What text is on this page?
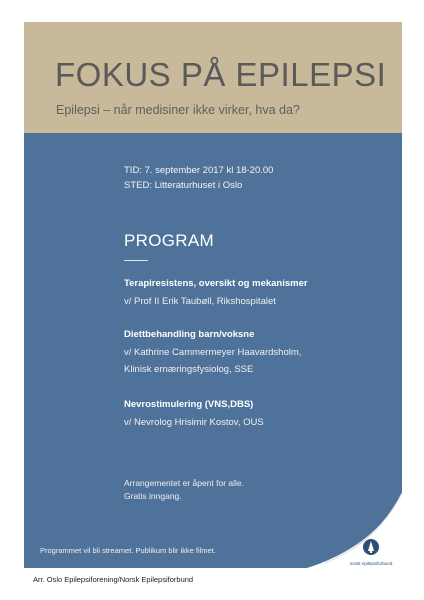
FOKUS PÅ EPILEPSI
Epilepsi – når medisiner ikke virker, hva da?
TID: 7. september 2017 kl 18-20.00
STED: Litteraturhuset i Oslo
PROGRAM
Terapiresistens, oversikt og mekanismer
v/ Prof II Erik Taubøll, Rikshospitalet
Diettbehandling barn/voksne
v/ Kathrine Cammermeyer Haavardsholm,
Klinisk ernæringsfysiolog, SSE
Nevrostimulering (VNS,DBS)
v/ Nevrolog Hrisimir Kostov, OUS
Arrangementet er åpent for alle.
Gratis inngang.
Programmet vil bli streamet. Publikum blir ikke filmet.
norsk epilepsiforbund
Arr. Oslo Epilepsiforening/Norsk Epilepsiforbund
